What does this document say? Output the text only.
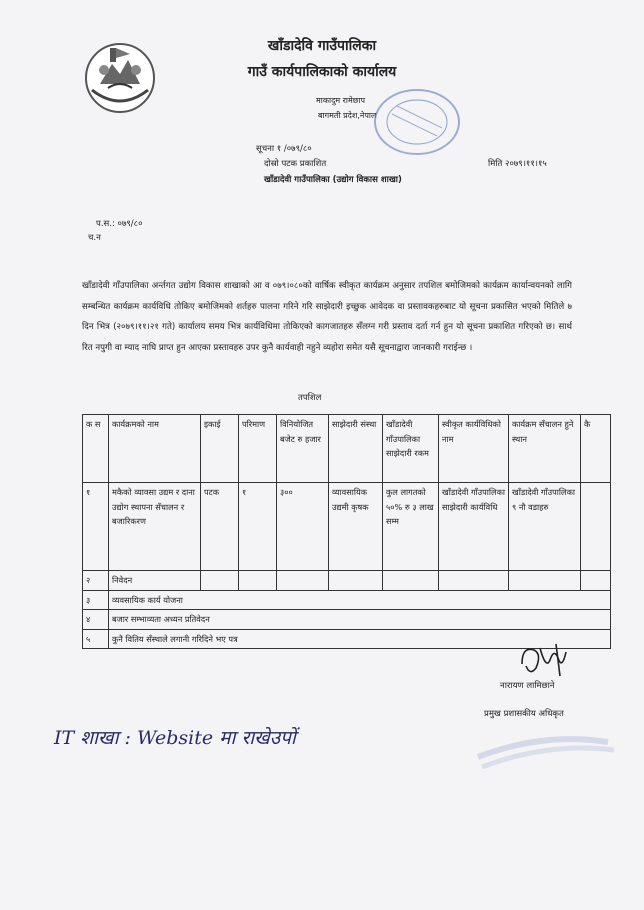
खाँडादेवि गाउँपालिका
गाउँ कार्यपालिकाको कार्यालय
माकादुम रामेछाप
बागमती प्रदेश,नेपाल
सूचना १ /०७९/८०
दोस्रो पटक प्रकाशित	मिति २०७९।११।१५
खाँडादेवी गाउँपालिका (उद्योग विकास शाखा)
प.स.: ०७९/८०
च.न
खाँडादेवी गाँउपालिका अर्न्तगत उद्योग विकास शाखाको आ व ०७९।०८०को वार्षिक स्वीकृत कार्यक्रम अनुसार तपशिल बमोजिमको कार्यक्रम कार्यान्वयनको लागि सम्बन्धित कार्यक्रम कार्यविधि तोकिए बमोजिमको शर्तहरु पालना गरिने गरि साझेदारी इच्छुक आवेदक वा प्रस्तावकहरुबाट यो सूचना प्रकासित भएको मितिले ७ दिन भित्र (२०७९।११।२१ गते) कार्यालय समय भित्र कार्यविधिमा तोकिएको कागजातहरु सँलग्न गरी प्रस्ताव दर्ता गर्न हुन यो सूचना प्रकाशित गरिएको छ। सार्थ रित नपुगी वा म्याद नाघि प्राप्त हुन आएका प्रस्तावहरु उपर कुनै कार्यवाही नहुने व्यहोरा समेत यसै सूचनाद्वारा जानकारी गराईन्छ ।
तपशिल
क स	कार्यक्रमको नाम	इकाई	परिमाण	विनियोजित बजेट रु हजार	साझेदारी संस्था	खाँडादेवी गाँउपालिका साझेदारी रकम	स्वीकृत कार्यविधिको नाम	कार्यक्रम सँचालन हुने स्थान	कै
१	मकैको व्यावसा उद्यम र दाना उद्योग स्थापना सँचालन र बजारिकरण	पटक	१	३००	व्यावसायिक उद्यमी कृषक	कुल लागतको ५०% रु ३ लाख सम्म	खाँडादेवी गाँउपालिका साझेदारी कार्यविधि	खाँडादेवी गाँउपालिका ९ नौ वडाहरु	
२	निवेदन								
३	व्यवसायिक कार्य योजना								
४	बजार सम्भाव्यता अध्यन प्रतिवेदन								
५	कुनै वितिय सँस्थाले लगानी गरिदिने भए पत्र								
नारायण लामिछाने
प्रमुख प्रशासकीय अधिकृत
IT शाखा : Website मा राखेउपों
